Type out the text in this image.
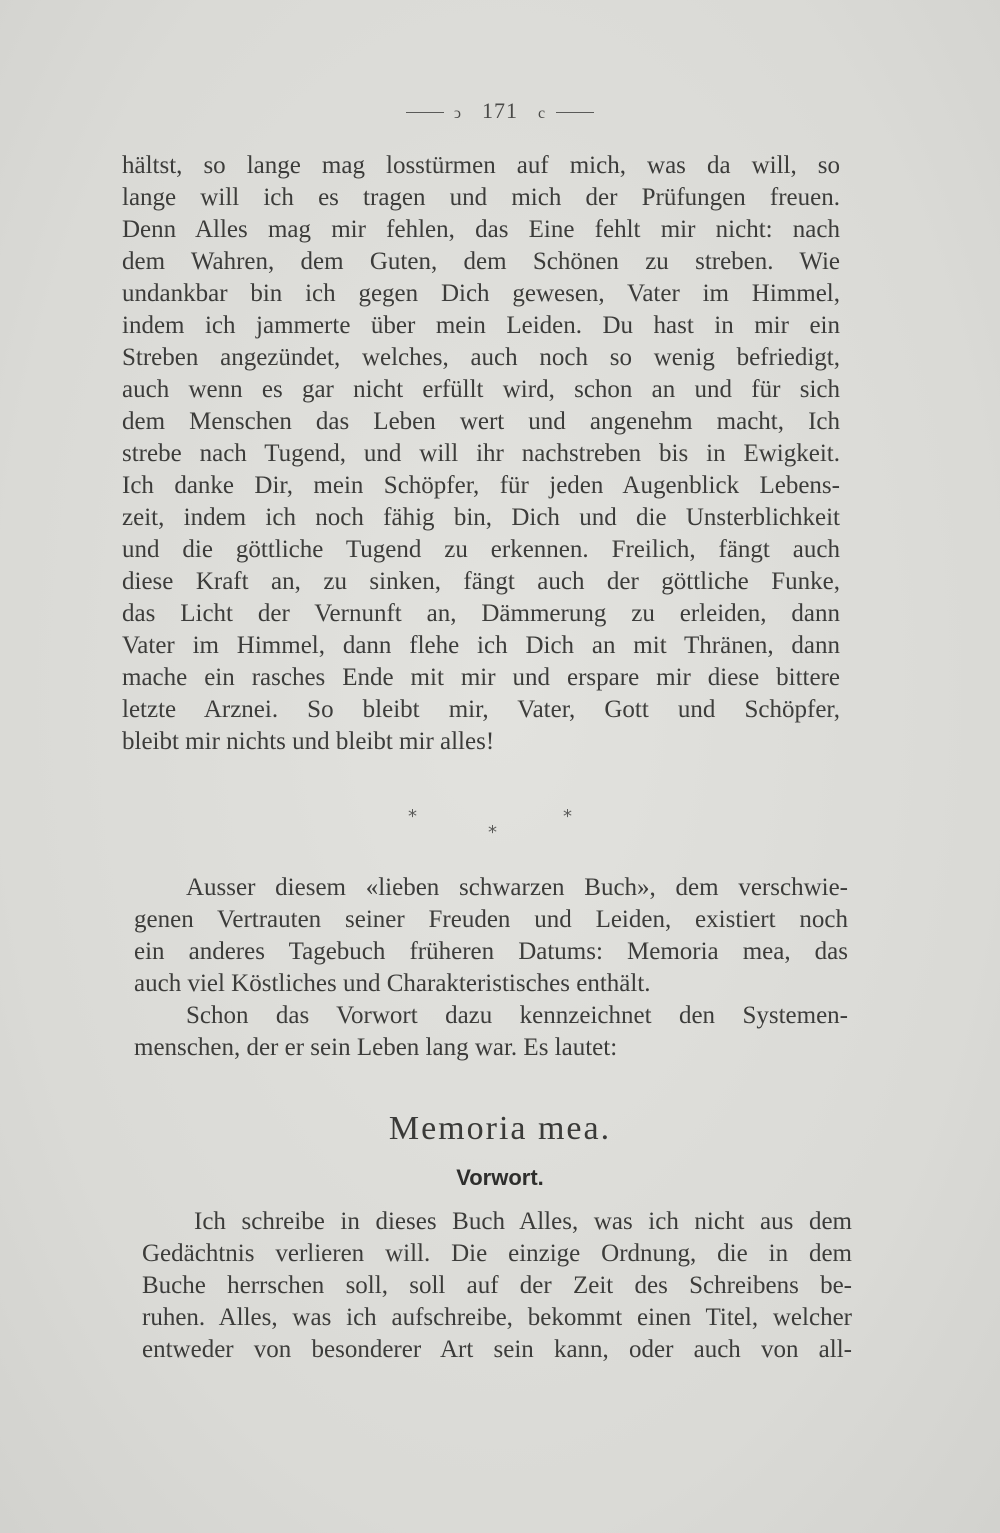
ↄ 171 c
hältst, so lange mag losstürmen auf mich, was da will, so
lange will ich es tragen und mich der Prüfungen freuen.
Denn Alles mag mir fehlen, das Eine fehlt mir nicht: nach
dem Wahren, dem Guten, dem Schönen zu streben. Wie
undankbar bin ich gegen Dich gewesen, Vater im Himmel,
indem ich jammerte über mein Leiden. Du hast in mir ein
Streben angezündet, welches, auch noch so wenig befriedigt,
auch wenn es gar nicht erfüllt wird, schon an und für sich
dem Menschen das Leben wert und angenehm macht, Ich
strebe nach Tugend, und will ihr nachstreben bis in Ewigkeit.
Ich danke Dir, mein Schöpfer, für jeden Augenblick Lebens-
zeit, indem ich noch fähig bin, Dich und die Unsterblichkeit
und die göttliche Tugend zu erkennen. Freilich, fängt auch
diese Kraft an, zu sinken, fängt auch der göttliche Funke,
das Licht der Vernunft an, Dämmerung zu erleiden, dann
Vater im Himmel, dann flehe ich Dich an mit Thränen, dann
mache ein rasches Ende mit mir und erspare mir diese bittere
letzte Arznei. So bleibt mir, Vater, Gott und Schöpfer,
bleibt mir nichts und bleibt mir alles!
*
*
*
Ausser diesem «lieben schwarzen Buch», dem verschwie-
genen Vertrauten seiner Freuden und Leiden, existiert noch
ein anderes Tagebuch früheren Datums: Memoria mea, das
auch viel Köstliches und Charakteristisches enthält.
Schon das Vorwort dazu kennzeichnet den Systemen-
menschen, der er sein Leben lang war. Es lautet:
Memoria mea.
Vorwort.
Ich schreibe in dieses Buch Alles, was ich nicht aus dem
Gedächtnis verlieren will. Die einzige Ordnung, die in dem
Buche herrschen soll, soll auf der Zeit des Schreibens be-
ruhen. Alles, was ich aufschreibe, bekommt einen Titel, welcher
entweder von besonderer Art sein kann, oder auch von all-
